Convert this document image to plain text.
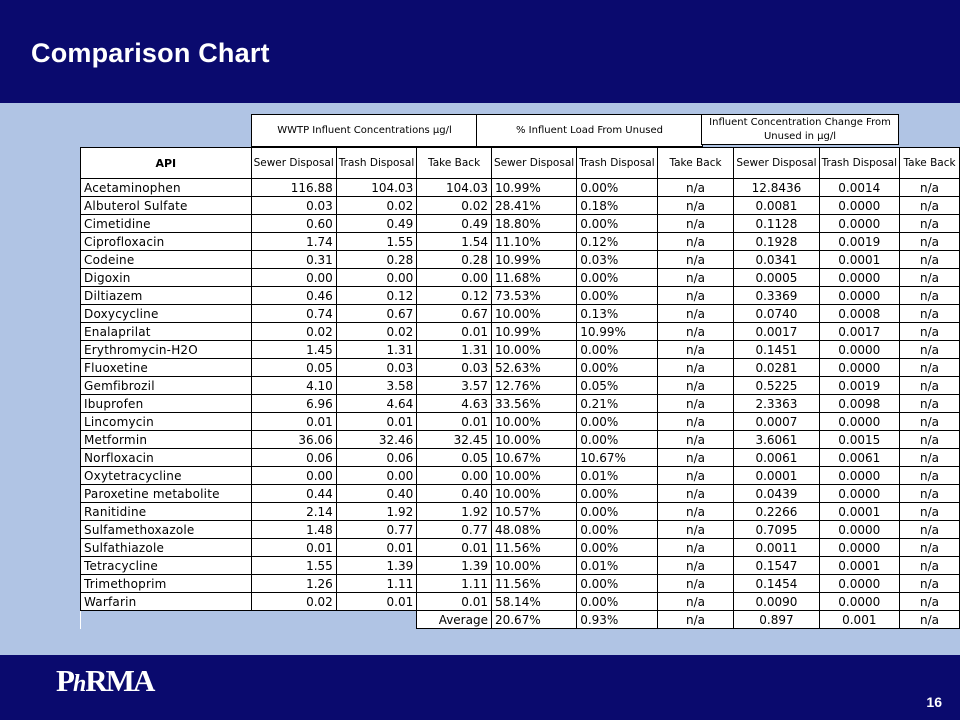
Comparison Chart
WWTP Influent Concentrations µg/l	% Influent Load From Unused
Influent Concentration Change From Unused in µg/l
API	Sewer Disposal	Trash Disposal	Take Back	Sewer Disposal	Trash Disposal	Take Back	Sewer Disposal	Trash Disposal	Take Back
Acetaminophen	116.88	104.03	104.03	10.99%	0.00%	n/a	12.8436	0.0014	n/a
Albuterol Sulfate	0.03	0.02	0.02	28.41%	0.18%	n/a	0.0081	0.0000	n/a
Cimetidine	0.60	0.49	0.49	18.80%	0.00%	n/a	0.1128	0.0000	n/a
Ciprofloxacin	1.74	1.55	1.54	11.10%	0.12%	n/a	0.1928	0.0019	n/a
Codeine	0.31	0.28	0.28	10.99%	0.03%	n/a	0.0341	0.0001	n/a
Digoxin	0.00	0.00	0.00	11.68%	0.00%	n/a	0.0005	0.0000	n/a
Diltiazem	0.46	0.12	0.12	73.53%	0.00%	n/a	0.3369	0.0000	n/a
Doxycycline	0.74	0.67	0.67	10.00%	0.13%	n/a	0.0740	0.0008	n/a
Enalaprilat	0.02	0.02	0.01	10.99%	10.99%	n/a	0.0017	0.0017	n/a
Erythromycin-H2O	1.45	1.31	1.31	10.00%	0.00%	n/a	0.1451	0.0000	n/a
Fluoxetine	0.05	0.03	0.03	52.63%	0.00%	n/a	0.0281	0.0000	n/a
Gemfibrozil	4.10	3.58	3.57	12.76%	0.05%	n/a	0.5225	0.0019	n/a
Ibuprofen	6.96	4.64	4.63	33.56%	0.21%	n/a	2.3363	0.0098	n/a
Lincomycin	0.01	0.01	0.01	10.00%	0.00%	n/a	0.0007	0.0000	n/a
Metformin	36.06	32.46	32.45	10.00%	0.00%	n/a	3.6061	0.0015	n/a
Norfloxacin	0.06	0.06	0.05	10.67%	10.67%	n/a	0.0061	0.0061	n/a
Oxytetracycline	0.00	0.00	0.00	10.00%	0.01%	n/a	0.0001	0.0000	n/a
Paroxetine metabolite	0.44	0.40	0.40	10.00%	0.00%	n/a	0.0439	0.0000	n/a
Ranitidine	2.14	1.92	1.92	10.57%	0.00%	n/a	0.2266	0.0001	n/a
Sulfamethoxazole	1.48	0.77	0.77	48.08%	0.00%	n/a	0.7095	0.0000	n/a
Sulfathiazole	0.01	0.01	0.01	11.56%	0.00%	n/a	0.0011	0.0000	n/a
Tetracycline	1.55	1.39	1.39	10.00%	0.01%	n/a	0.1547	0.0001	n/a
Trimethoprim	1.26	1.11	1.11	11.56%	0.00%	n/a	0.1454	0.0000	n/a
Warfarin	0.02	0.01	0.01	58.14%	0.00%	n/a	0.0090	0.0000	n/a
			Average	20.67%	0.93%	n/a	0.897	0.001	n/a
PhRMA
16
